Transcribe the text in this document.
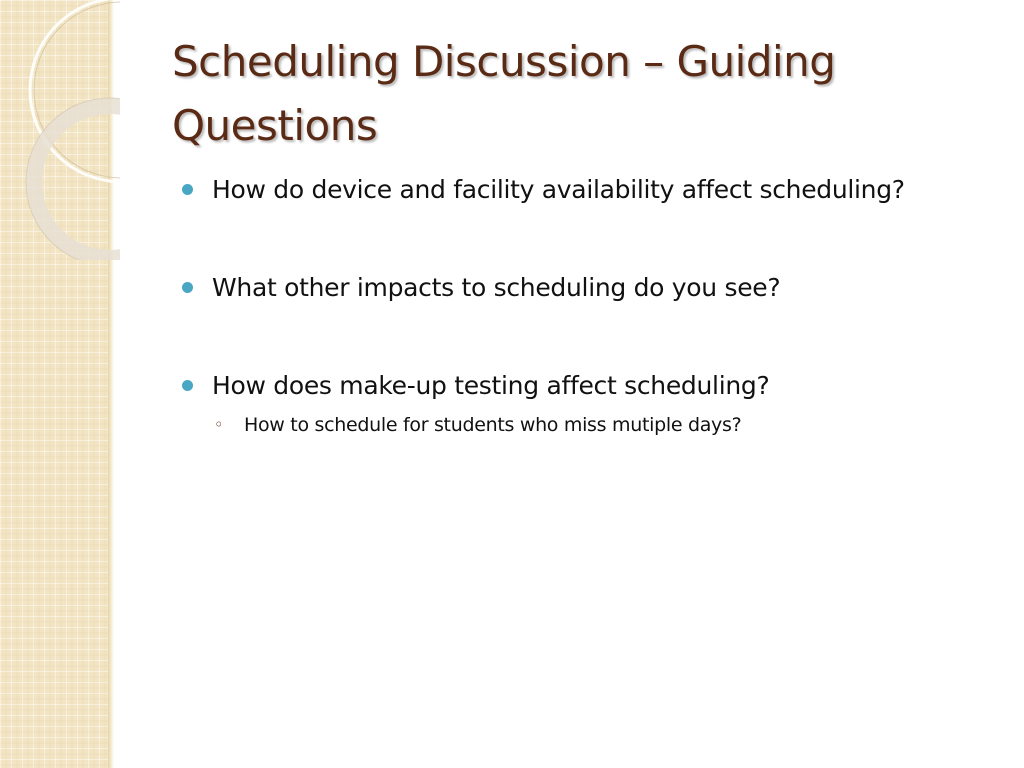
Scheduling Discussion – Guiding Questions
How do device and facility availability affect scheduling?
What other impacts to scheduling do you see?
How does make-up testing affect scheduling?
◦ How to schedule for students who miss mutiple days?
